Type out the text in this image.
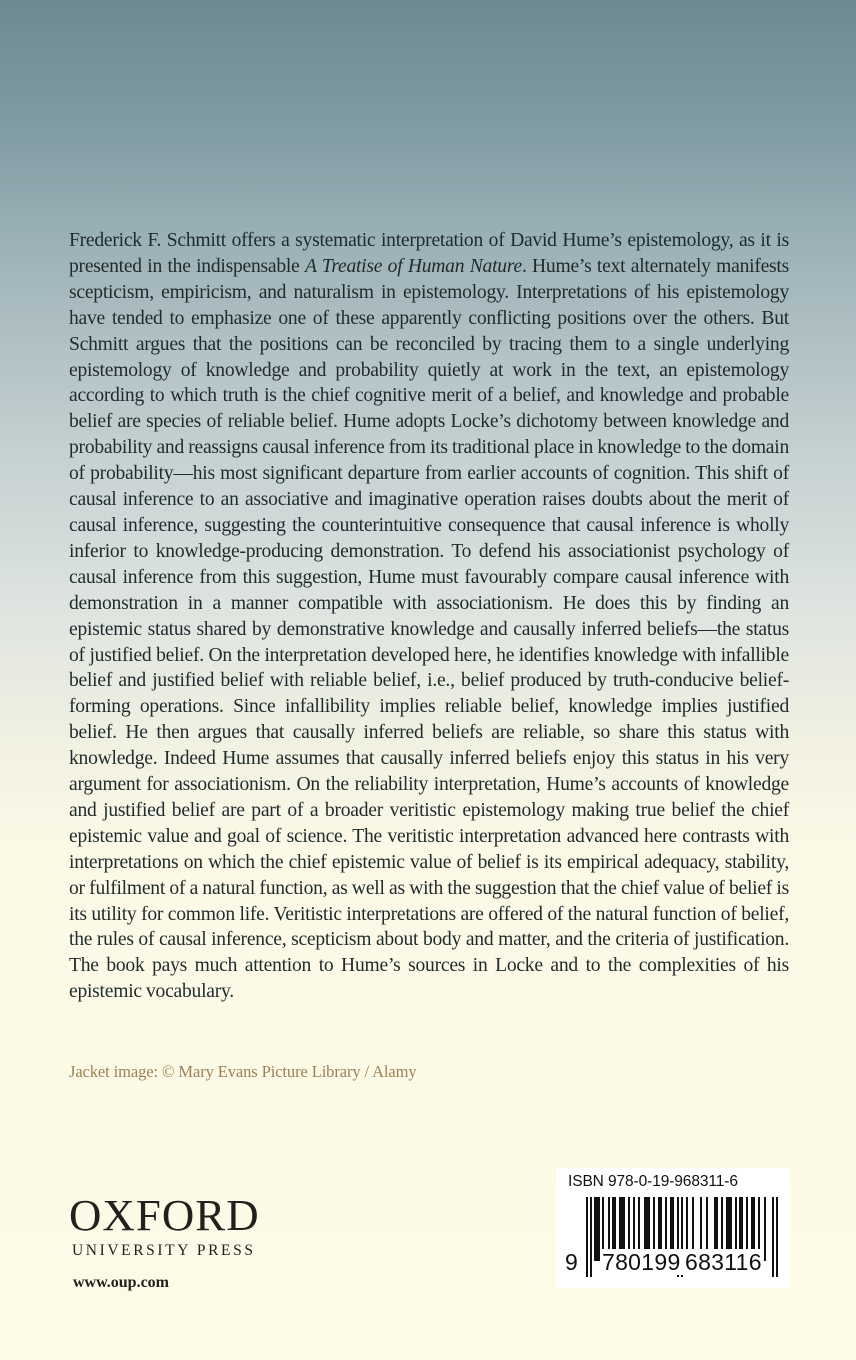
Frederick F. Schmitt offers a systematic interpretation of David Hume’s epistemology, as it is presented in the indispensable A Treatise of Human Nature. Hume’s text alternately manifests scepticism, empiricism, and naturalism in epistemology. Interpretations of his epistemology have tended to emphasize one of these apparently conflicting positions over the others. But Schmitt argues that the positions can be reconciled by tracing them to a single underlying epistemology of knowledge and probability quietly at work in the text, an epistemology according to which truth is the chief cognitive merit of a belief, and knowledge and probable belief are species of reliable belief. Hume adopts Locke’s dichotomy between knowledge and probability and reassigns causal inference from its traditional place in knowledge to the domain of probability—his most significant departure from earlier accounts of cognition. This shift of causal inference to an associative and imaginative operation raises doubts about the merit of causal inference, suggesting the counterintuitive consequence that causal inference is wholly inferior to knowledge-producing demonstration. To defend his associationist psychology of causal inference from this suggestion, Hume must favourably compare causal inference with demonstration in a manner compatible with associationism. He does this by finding an epistemic status shared by demonstrative knowledge and causally inferred beliefs—the status of justified belief. On the interpretation developed here, he identifies knowledge with infallible belief and justified belief with reliable belief, i.e., belief produced by truth-conducive belief-forming operations. Since infallibility implies reliable belief, knowledge implies justified belief. He then argues that causally inferred beliefs are reliable, so share this status with knowledge. Indeed Hume assumes that causally inferred beliefs enjoy this status in his very argument for associationism. On the reliability interpretation, Hume’s accounts of knowledge and justified belief are part of a broader veritistic epistemology making true belief the chief epistemic value and goal of science. The veritistic interpretation advanced here contrasts with interpretations on which the chief epistemic value of belief is its empirical adequacy, stability, or fulfilment of a natural function, as well as with the suggestion that the chief value of belief is its utility for common life. Veritistic interpretations are offered of the natural function of belief, the rules of causal inference, scepticism about body and matter, and the criteria of justification. The book pays much attention to Hume’s sources in Locke and to the complexities of his epistemic vocabulary.

Jacket image: © Mary Evans Picture Library / Alamy

OXFORD

UNIVERSITY PRESS

www.oup.com

ISBN 978-0-19-968311-6

9 780199 683116
